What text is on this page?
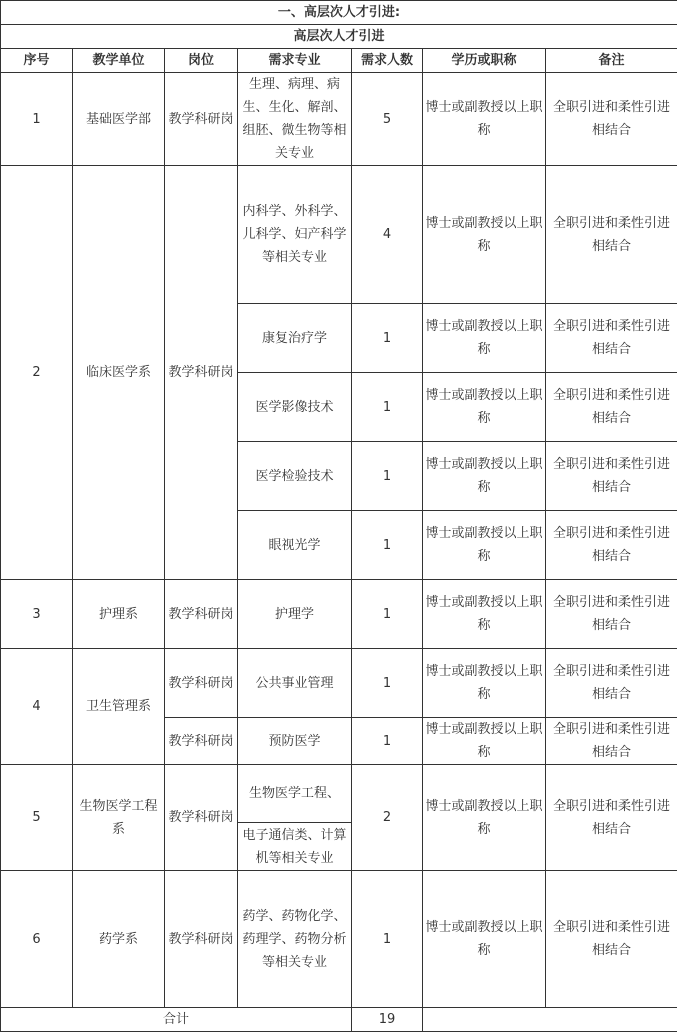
一、高层次人才引进:						
高层次人才引进						
序号	教学单位	岗位	需求专业	需求人数	学历或职称	备注
1	基础医学部	教学科研岗	生理、病理、病生、生化、解剖、组胚、微生物等相关专业	5	博士或副教授以上职称	全职引进和柔性引进相结合
2	临床医学系	教学科研岗	内科学、外科学、儿科学、妇产科学等相关专业	4	博士或副教授以上职称	全职引进和柔性引进相结合
			康复治疗学	1	博士或副教授以上职称	全职引进和柔性引进相结合
			医学影像技术	1	博士或副教授以上职称	全职引进和柔性引进相结合
			医学检验技术	1	博士或副教授以上职称	全职引进和柔性引进相结合
			眼视光学	1	博士或副教授以上职称	全职引进和柔性引进相结合
3	护理系	教学科研岗	护理学	1	博士或副教授以上职称	全职引进和柔性引进相结合
4	卫生管理系	教学科研岗	公共事业管理	1	博士或副教授以上职称	全职引进和柔性引进相结合
		教学科研岗	预防医学	1	博士或副教授以上职称	全职引进和柔性引进相结合
5	生物医学工程系	教学科研岗	生物医学工程、	2	博士或副教授以上职称	全职引进和柔性引进相结合
			电子通信类、计算机等相关专业			
6	药学系	教学科研岗	药学、药物化学、药理学、药物分析等相关专业	1	博士或副教授以上职称	全职引进和柔性引进相结合
合计				19		
